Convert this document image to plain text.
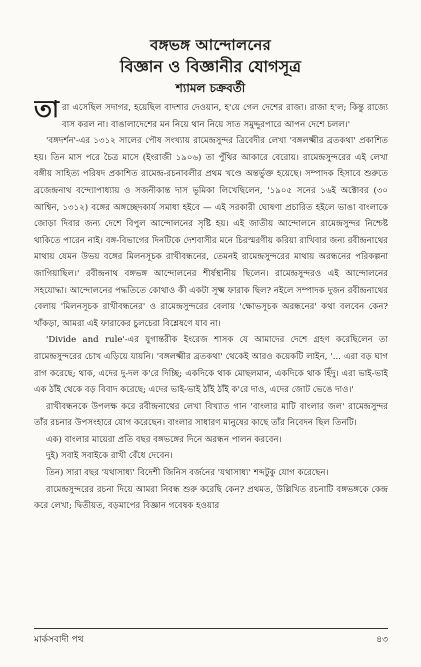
বঙ্গভঙ্গ আন্দোলনের
বিজ্ঞান ও বিজ্ঞানীর যোগসূত্র
শ্যামল চক্রবর্তী

তারা এসেছিল সদাগর, হয়েছিল বাদশার দেওয়ান, হ'য়ে গেল দেশের রাজা। রাজা হ'ল; কিন্তু রাজ্যে বাস করল না। বাঙালাদেশের মন নিয়ে থান নিয়ে সাত সমুদ্দুরপারে আপন দেশে চলল।'

'বঙ্গদর্শন'-এর ১৩১২ সালের পৌষ সংখ্যায় রামেন্দ্রসুন্দর ত্রিবেদীর লেখা 'বঙ্গলক্ষ্মীর ব্রতকথা' প্রকাশিত হয়। তিন মাস পরে চৈত্র মাসে (ইংরাজী ১৯০৬) তা পুঁথির আকারে বেরোয়। রামেন্দ্রসুন্দরের এই লেখা বঙ্গীয় সাহিত্য পরিষদ প্রকাশিত রামেন্দ্র-রচনাবলীর প্রথম খণ্ডে অন্তর্ভুক্ত হয়েছে। সম্পাদক হিসাবে শুরুতে ব্রজেন্দ্রনাথ বন্দ্যোপাধ্যায় ও সজনীকান্ত দাস ভূমিকা লিখেছিলেন, '১৯০৫ সনের ১৬ই অক্টোবর (৩০ আশ্বিন, ১৩১২) বঙ্গের অঙ্গচ্ছেদকার্য সমাধা হইবে — এই সরকারী ঘোষণা প্রচারিত হইলে ভাঙা বাংলাকে জোড়া দিবার জন্য দেশে বিপুল আন্দোলনের সৃষ্টি হয়। এই জাতীয় আন্দোলনে রামেন্দ্রসুন্দর নিশ্চেষ্ট থাকিতে পারেন নাই। বঙ্গ-বিভাগের দিনটিকে দেশবাসীর মনে চিরস্মরণীয় করিয়া রাখিবার জন্য রবীন্দ্রনাথের মাথায় যেমন উভয় বঙ্গের মিলনসূচক রাখীবন্ধনের, তেমনই রামেন্দ্রসুন্দরের মাথায় অরন্ধনের পরিকল্পনা জাগিয়াছিল।' রবীন্দ্রনাথ বঙ্গভঙ্গ আন্দোলনের শীর্ষস্থানীয় ছিলেন। রামেন্দ্রসুন্দরও এই আন্দোলনের সহযোদ্ধা। আন্দোলনের পদ্ধতিতে কোথাও কী একটা সূক্ষ্ম ফারাক ছিল? নইলে সম্পাদক দুজন রবীন্দ্রনাথের বেলায় 'মিলনসূচক রাখীবন্ধনের' ও রামেন্দ্রসুন্দরের বেলায় 'ক্ষোভসূচক অরন্ধনের' কথা বলবেন কেন? খাঁকড়া, আমরা এই ফারাকের চুলচেরা বিশ্লেষণে যাব না।

'Divide and rule'-এর যুগান্তরীক ইংরেজ শাসক যে আমাদের দেশে গ্রহণ করেছিলেন তা রামেন্দ্রসুন্দরের চোখ এড়িয়ে যায়নি। 'বঙ্গলক্ষ্মীর ব্রতকথা' থেকেই আরও কয়েকটি লাইন, '... এরা বড় ঘাগ রাগ করেছে; থাক, এদের দু-দল ক'রে দিচ্ছি; একদিকে থাক মোছলমান, একদিকে থাক হিঁদু। এরা ভাই-ভাই এক ঠাঁই থেকে বড় বিবাদ করেছে; এদের ভাই-ভাই ঠাঁই ঠাঁই ক'রে দাও, এদের জোট ভেঙে দাও।'

রাখীবন্ধনকে উপলক্ষ করে রবীন্দ্রনাথের লেখা বিখ্যাত গান 'বাংলার মাটি বাংলার জল' রামেন্দ্রসুন্দর তাঁর রচনার উপসংহারে যোগ করেছেন। বাংলার সাধারণ মানুষের কাছে তাঁর নিবেদন ছিল তিনটি।

এক) বাংলার মায়েরা প্রতি বছর বঙ্গভঙ্গের দিনে অরন্ধন পালন করবেন।

দুই) সবাই সবাইকে রাখী বেঁধে দেবেন।

তিন) সারা বছর 'যথাসাধ্য' বিদেশী জিনিস বর্জনের 'যথাসাধ্য' শব্দটুকু যোগ করেছেন।

রামেন্দ্রসুন্দরের রচনা দিয়ে আমরা নিবন্ধ শুরু করেছি কেন? প্রথমত, উল্লিখিত রচনাটি বঙ্গভঙ্গকে কেন্দ্র করে লেখা; দ্বিতীয়ত, বড়মাপের বিজ্ঞান গবেষক হওয়ার

মার্কসবাদী পথ	৪৩
